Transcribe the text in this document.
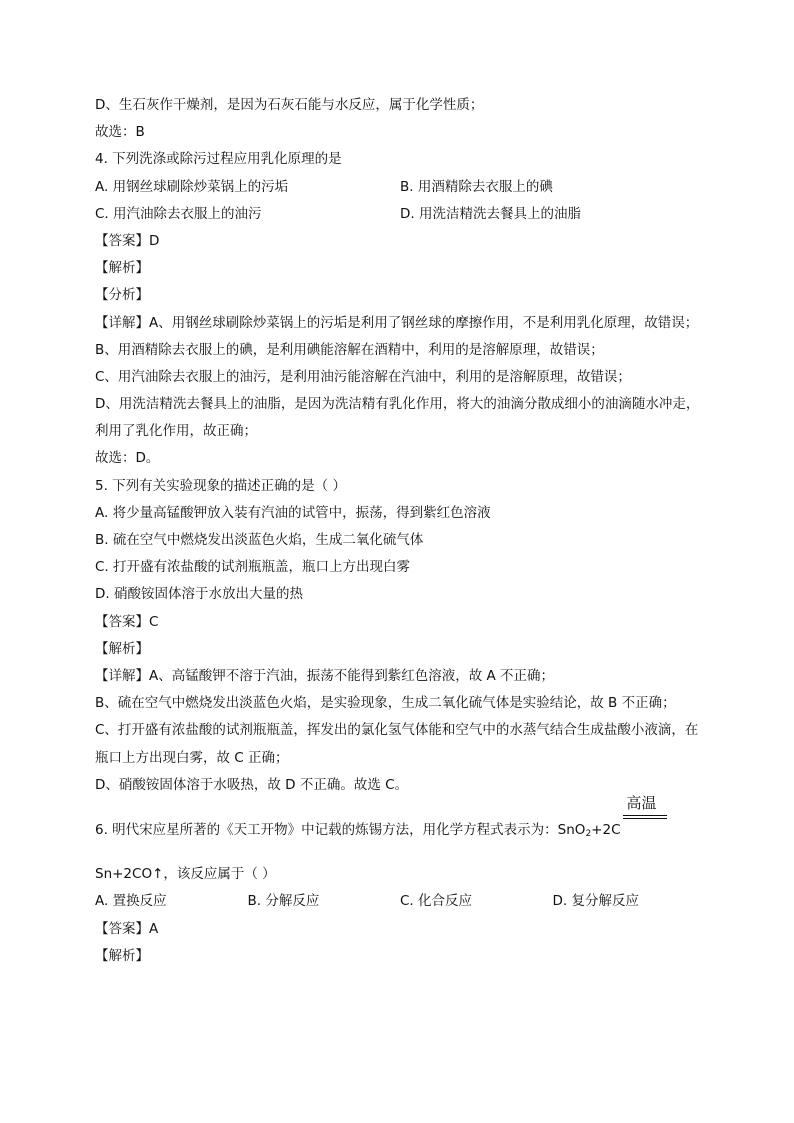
D、生石灰作干燥剂，是因为石灰石能与水反应，属于化学性质；
故选：B
4. 下列洗涤或除污过程应用乳化原理的是
A. 用钢丝球刷除炒菜锅上的污垢	B. 用酒精除去衣服上的碘
C. 用汽油除去衣服上的油污	D. 用洗洁精洗去餐具上的油脂
【答案】D
【解析】
【分析】
【详解】A、用钢丝球刷除炒菜锅上的污垢是利用了钢丝球的摩擦作用，不是利用乳化原理，故错误；
B、用酒精除去衣服上的碘，是利用碘能溶解在酒精中，利用的是溶解原理，故错误；
C、用汽油除去衣服上的油污，是利用油污能溶解在汽油中，利用的是溶解原理，故错误；
D、用洗洁精洗去餐具上的油脂，是因为洗洁精有乳化作用，将大的油滴分散成细小的油滴随水冲走，利用了乳化作用，故正确；
故选：D。
5. 下列有关实验现象的描述正确的是（ ）
A. 将少量高锰酸钾放入装有汽油的试管中，振荡，得到紫红色溶液
B. 硫在空气中燃烧发出淡蓝色火焰，生成二氧化硫气体
C. 打开盛有浓盐酸的试剂瓶瓶盖，瓶口上方出现白雾
D. 硝酸铵固体溶于水放出大量的热
【答案】C
【解析】
【详解】A、高锰酸钾不溶于汽油，振荡不能得到紫红色溶液，故 A 不正确；
B、硫在空气中燃烧发出淡蓝色火焰，是实验现象，生成二氧化硫气体是实验结论，故 B 不正确；
C、打开盛有浓盐酸的试剂瓶瓶盖，挥发出的氯化氢气体能和空气中的水蒸气结合生成盐酸小液滴，在瓶口上方出现白雾，故 C 正确；
D、硝酸铵固体溶于水吸热，故 D 不正确。故选 C。
6. 明代宋应星所著的《天工开物》中记载的炼锡方法，用化学方程式表示为：SnO$_2$+2C
高温
Sn+2CO↑，该反应属于（ ）
A. 置换反应	B. 分解反应	C. 化合反应	D. 复分解反应
【答案】A
【解析】
